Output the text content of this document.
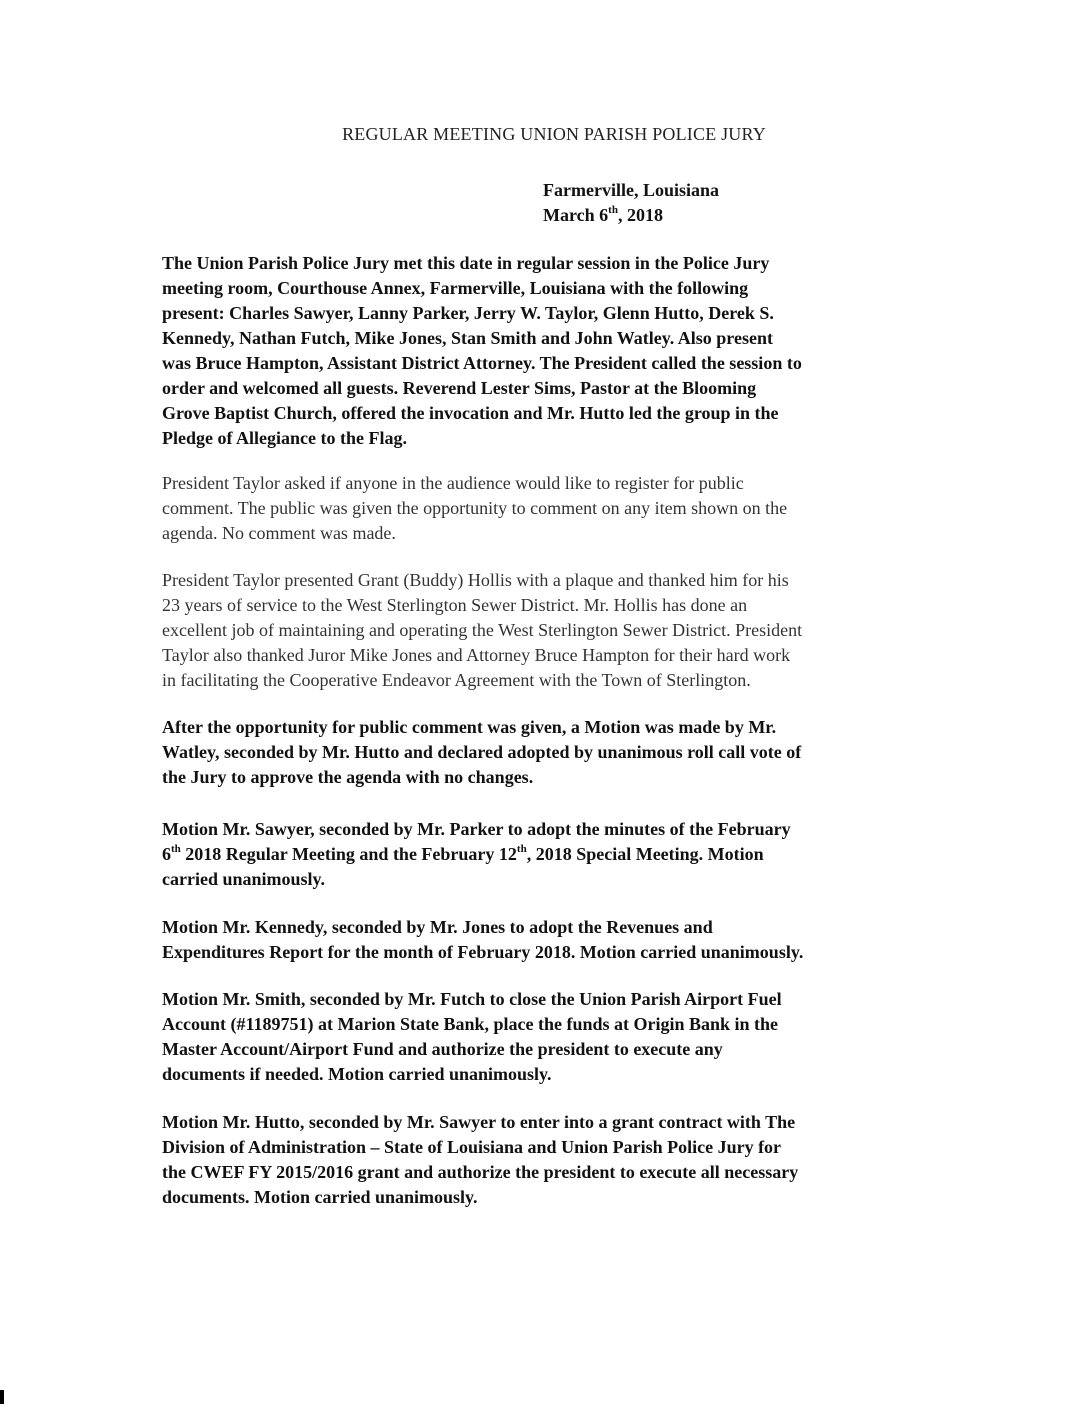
REGULAR MEETING UNION PARISH POLICE JURY
Farmerville, Louisiana
March 6th, 2018
The Union Parish Police Jury met this date in regular session in the Police Jury
meeting room, Courthouse Annex, Farmerville, Louisiana with the following
present: Charles Sawyer, Lanny Parker, Jerry W. Taylor, Glenn Hutto, Derek S.
Kennedy, Nathan Futch, Mike Jones, Stan Smith and John Watley. Also present
was Bruce Hampton, Assistant District Attorney. The President called the session to
order and welcomed all guests. Reverend Lester Sims, Pastor at the Blooming
Grove Baptist Church, offered the invocation and Mr. Hutto led the group in the
Pledge of Allegiance to the Flag.
President Taylor asked if anyone in the audience would like to register for public
comment. The public was given the opportunity to comment on any item shown on the
agenda. No comment was made.
President Taylor presented Grant (Buddy) Hollis with a plaque and thanked him for his
23 years of service to the West Sterlington Sewer District. Mr. Hollis has done an
excellent job of maintaining and operating the West Sterlington Sewer District. President
Taylor also thanked Juror Mike Jones and Attorney Bruce Hampton for their hard work
in facilitating the Cooperative Endeavor Agreement with the Town of Sterlington.
After the opportunity for public comment was given, a Motion was made by Mr.
Watley, seconded by Mr. Hutto and declared adopted by unanimous roll call vote of
the Jury to approve the agenda with no changes.
Motion Mr. Sawyer, seconded by Mr. Parker to adopt the minutes of the February
6th 2018 Regular Meeting and the February 12th, 2018 Special Meeting. Motion
carried unanimously.
Motion Mr. Kennedy, seconded by Mr. Jones to adopt the Revenues and
Expenditures Report for the month of February 2018. Motion carried unanimously.
Motion Mr. Smith, seconded by Mr. Futch to close the Union Parish Airport Fuel
Account (#1189751) at Marion State Bank, place the funds at Origin Bank in the
Master Account/Airport Fund and authorize the president to execute any
documents if needed. Motion carried unanimously.
Motion Mr. Hutto, seconded by Mr. Sawyer to enter into a grant contract with The
Division of Administration – State of Louisiana and Union Parish Police Jury for
the CWEF FY 2015/2016 grant and authorize the president to execute all necessary
documents. Motion carried unanimously.
